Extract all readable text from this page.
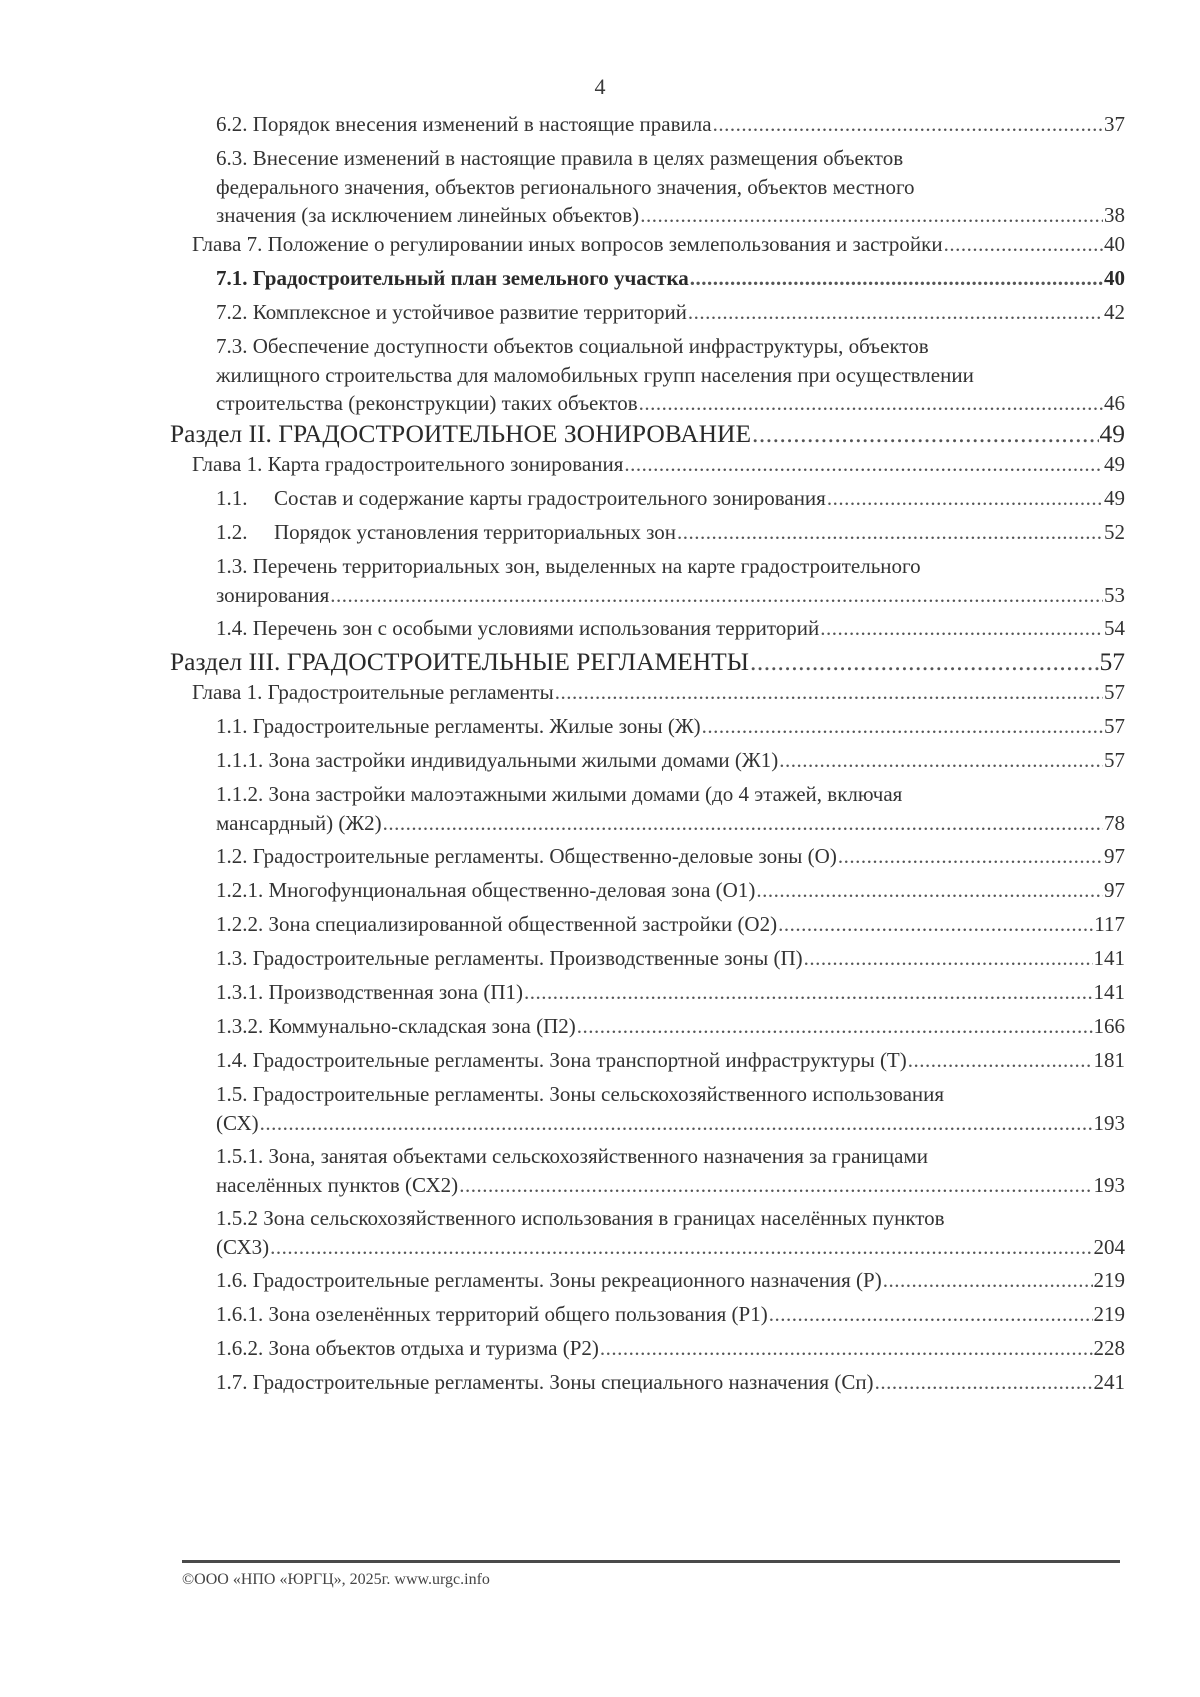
4
6.2. Порядок внесения изменений в настоящие правила .....	37
6.3. Внесение изменений в настоящие правила в целях размещения объектов
федерального значения, объектов регионального значения, объектов местного
значения (за исключением линейных объектов) .....	38
Глава 7. Положение о регулировании иных вопросов землепользования и застройки .....	40
7.1. Градостроительный план земельного участка .....	40
7.2. Комплексное и устойчивое развитие территорий .....	42
7.3. Обеспечение доступности объектов социальной инфраструктуры, объектов
жилищного строительства для маломобильных групп населения при осуществлении
строительства (реконструкции) таких объектов .....	46
Раздел II. ГРАДОСТРОИТЕЛЬНОЕ ЗОНИРОВАНИЕ .....	49
Глава 1. Карта градостроительного зонирования .....	49
1.1. Состав и содержание карты градостроительного зонирования .....	49
1.2. Порядок установления территориальных зон .....	52
1.3. Перечень территориальных зон, выделенных на карте градостроительного
зонирования .....	53
1.4. Перечень зон с особыми условиями использования территорий .....	54
Раздел III. ГРАДОСТРОИТЕЛЬНЫЕ РЕГЛАМЕНТЫ .....	57
Глава 1. Градостроительные регламенты .....	57
1.1. Градостроительные регламенты. Жилые зоны (Ж) .....	57
1.1.1. Зона застройки индивидуальными жилыми домами (Ж1) .....	57
1.1.2. Зона застройки малоэтажными жилыми домами (до 4 этажей, включая
мансардный) (Ж2) .....	78
1.2. Градостроительные регламенты. Общественно-деловые зоны (О) .....	97
1.2.1. Многофунциональная общественно-деловая зона (О1) .....	97
1.2.2. Зона специализированной общественной застройки (О2) .....	117
1.3. Градостроительные регламенты. Производственные зоны (П) .....	141
1.3.1. Производственная зона (П1) .....	141
1.3.2. Коммунально-складская зона (П2) .....	166
1.4. Градостроительные регламенты. Зона транспортной инфраструктуры (Т) .....	181
1.5. Градостроительные регламенты. Зоны сельскохозяйственного использования
(СХ) .....	193
1.5.1. Зона, занятая объектами сельскохозяйственного назначения за границами
населённых пунктов (СХ2) .....	193
1.5.2 Зона сельскохозяйственного использования в границах населённых пунктов
(СХ3) .....	204
1.6. Градостроительные регламенты. Зоны рекреационного назначения (Р) .....	219
1.6.1. Зона озеленённых территорий общего пользования (Р1) .....	219
1.6.2. Зона объектов отдыха и туризма (Р2) .....	228
1.7. Градостроительные регламенты. Зоны специального назначения (Сп) .....	241
©ООО «НПО «ЮРГЦ», 2025г. www.urgc.info
